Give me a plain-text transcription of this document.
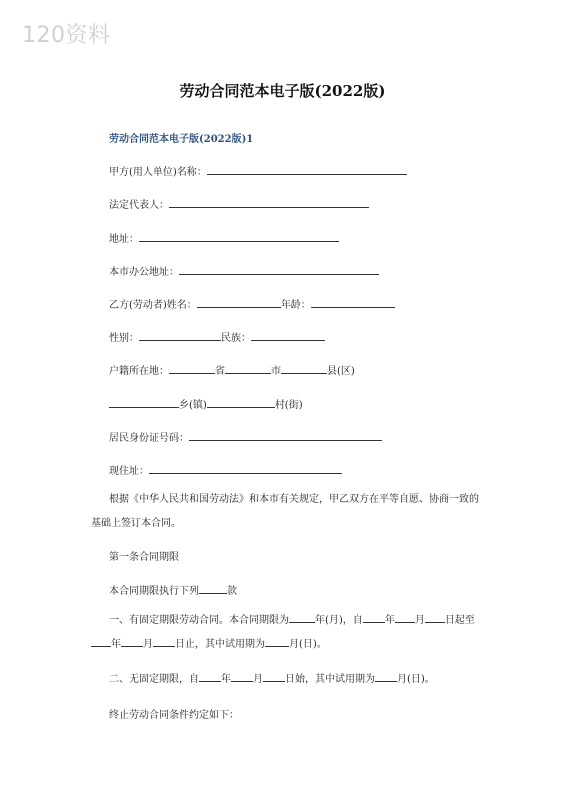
120资料
劳动合同范本电子版(2022版)
劳动合同范本电子版(2022版)1
甲方(用人单位)名称：
法定代表人：
地址：
本市办公地址：
乙方(劳动者)姓名：	年龄：
性别：	民族：
户籍所在地：	省	市	县(区)
乡(镇)	村(街)
居民身份证号码：
现住址：
根据《中华人民共和国劳动法》和本市有关规定，甲乙双方在平等自愿、协商一致的基础上签订本合同。
第一条合同期限
本合同期限执行下列	款
一、有固定期限劳动合同。本合同期限为	年(月)，自 年 月 日起至年 月 日止，其中试用期为 月(日)。
二、无固定期限，自 年 月 日始，其中试用期为 月(日)。
终止劳动合同条件约定如下：
